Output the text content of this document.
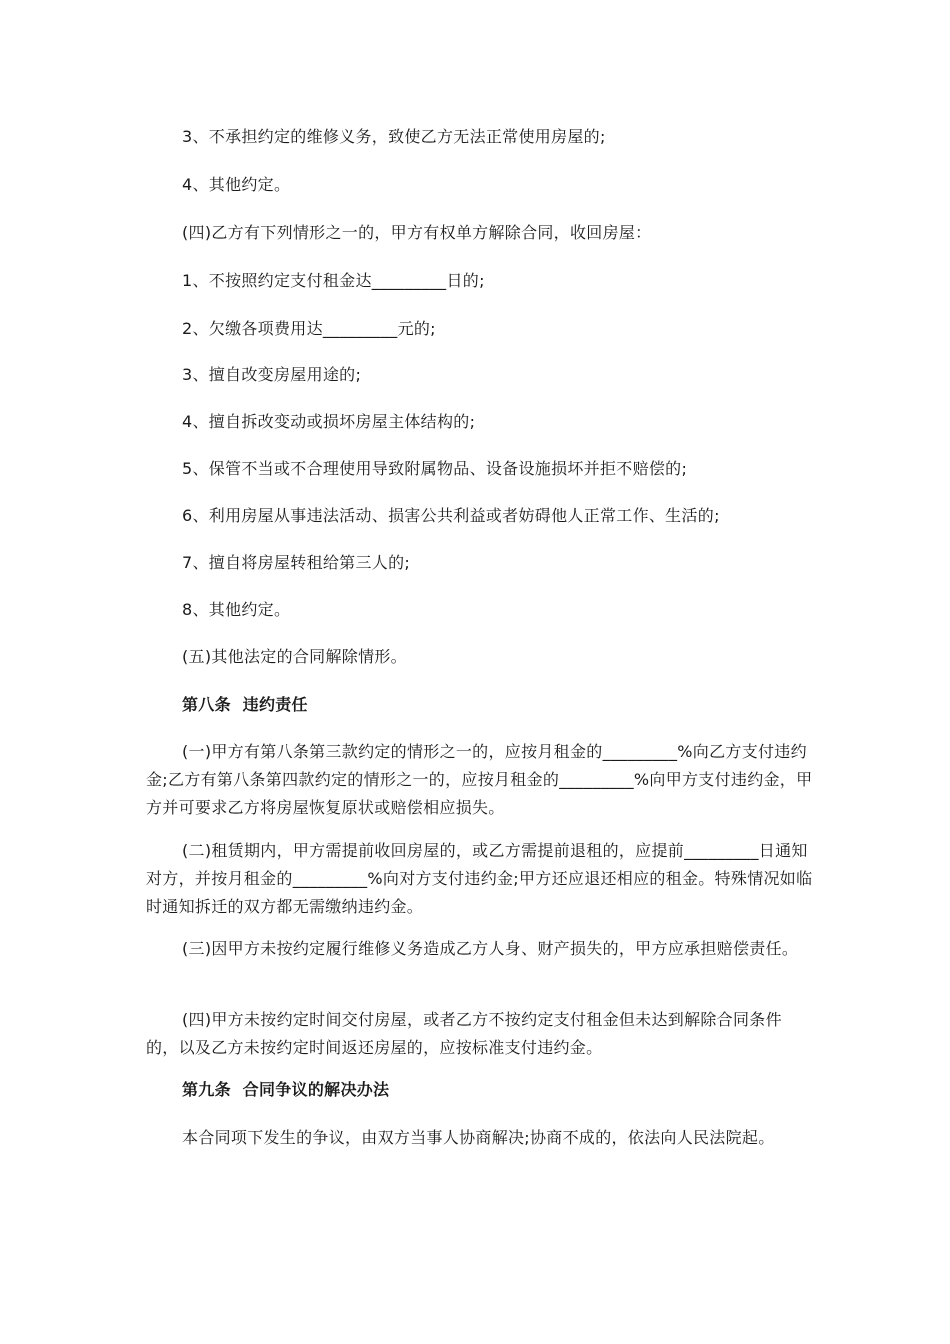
3、不承担约定的维修义务，致使乙方无法正常使用房屋的;

4、其他约定。

(四)乙方有下列情形之一的，甲方有权单方解除合同，收回房屋：

1、不按照约定支付租金达_________日的;

2、欠缴各项费用达_________元的;

3、擅自改变房屋用途的;

4、擅自拆改变动或损坏房屋主体结构的;

5、保管不当或不合理使用导致附属物品、设备设施损坏并拒不赔偿的;

6、利用房屋从事违法活动、损害公共利益或者妨碍他人正常工作、生活的;

7、擅自将房屋转租给第三人的;

8、其他约定。

(五)其他法定的合同解除情形。

第八条  违约责任

(一)甲方有第八条第三款约定的情形之一的，应按月租金的_________%向乙方支付违约金;乙方有第八条第四款约定的情形之一的，应按月租金的_________%向甲方支付违约金，甲方并可要求乙方将房屋恢复原状或赔偿相应损失。

(二)租赁期内，甲方需提前收回房屋的，或乙方需提前退租的，应提前_________日通知对方，并按月租金的_________%向对方支付违约金;甲方还应退还相应的租金。特殊情况如临时通知拆迁的双方都无需缴纳违约金。

(三)因甲方未按约定履行维修义务造成乙方人身、财产损失的，甲方应承担赔偿责任。

(四)甲方未按约定时间交付房屋，或者乙方不按约定支付租金但未达到解除合同条件的，以及乙方未按约定时间返还房屋的，应按标准支付违约金。

第九条  合同争议的解决办法

本合同项下发生的争议，由双方当事人协商解决;协商不成的，依法向人民法院起。
